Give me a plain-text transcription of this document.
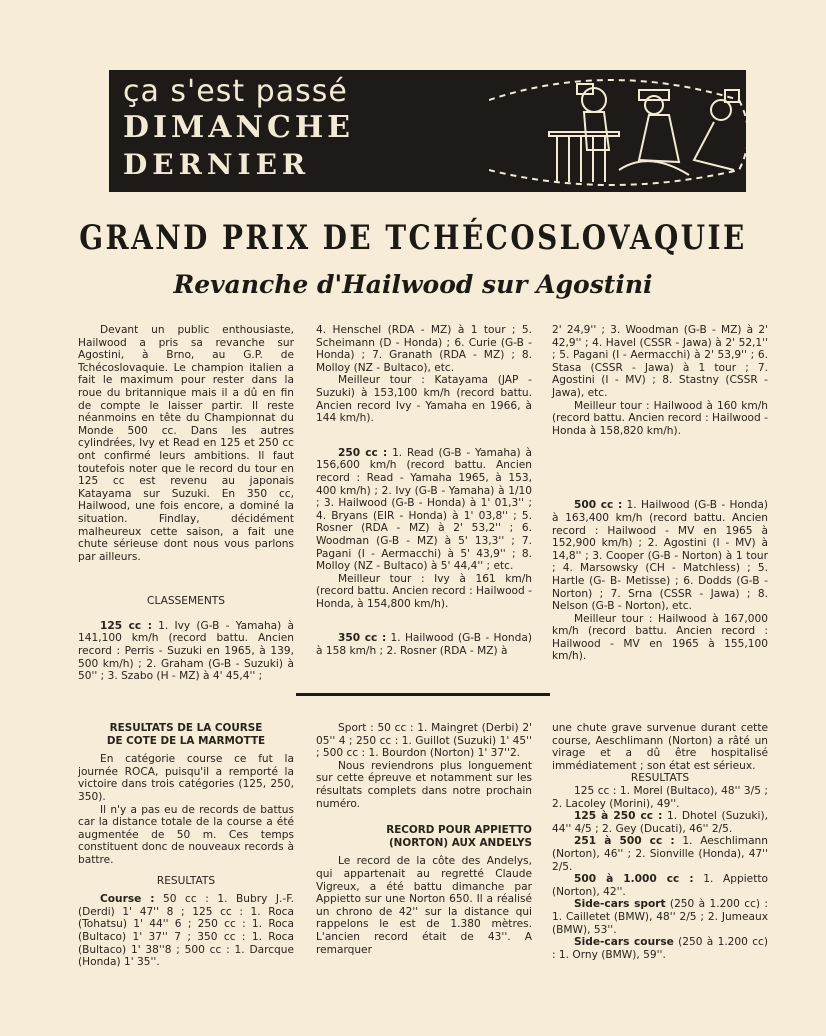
ça s'est passé
DIMANCHE
DERNIER
GRAND PRIX DE TCHÉCOSLOVAQUIE
Revanche d'Hailwood sur Agostini

Devant un public enthousiaste, Hailwood a pris sa revanche sur Agostini, à Brno, au G.P. de Tchécoslovaquie. Le champion italien a fait le maximum pour rester dans la roue du britannique mais il a dû en fin de compte le laisser partir. Il reste néanmoins en tête du Championnat du Monde 500 cc. Dans les autres cylindrées, Ivy et Read en 125 et 250 cc ont confirmé leurs ambitions. Il faut toutefois noter que le record du tour en 125 cc est revenu au japonais Katayama sur Suzuki. En 350 cc, Hailwood, une fois encore, a dominé la situation. Findlay, décidément malheureux cette saison, a fait une chute sérieuse dont nous vous parlons par ailleurs.

CLASSEMENTS

125 cc : 1. Ivy (G-B - Yamaha) à 141,100 km/h (record battu. Ancien record : Perris - Suzuki en 1965, à 139, 500 km/h) ; 2. Graham (G-B - Suzuki) à 50'' ; 3. Szabo (H - MZ) à 4' 45,4'' ;

4. Henschel (RDA - MZ) à 1 tour ; 5. Scheimann (D - Honda) ; 6. Curie (G-B - Honda) ; 7. Granath (RDA - MZ) ; 8. Molloy (NZ - Bultaco), etc.

Meilleur tour : Katayama (JAP - Suzuki) à 153,100 km/h (record battu. Ancien record Ivy - Yamaha en 1966, à 144 km/h).

250 cc : 1. Read (G-B - Yamaha) à 156,600 km/h (record battu. Ancien record : Read - Yamaha 1965, à 153, 400 km/h) ; 2. Ivy (G-B - Yamaha) à 1/10 ; 3. Hailwood (G-B - Honda) à 1' 01,3'' ; 4. Bryans (EIR - Honda) à 1' 03,8'' ; 5. Rosner (RDA - MZ) à 2' 53,2'' ; 6. Woodman (G-B - MZ) à 5' 13,3'' ; 7. Pagani (I - Aermacchi) à 5' 43,9'' ; 8. Molloy (NZ - Bultaco) à 5' 44,4'' ; etc.

Meilleur tour : Ivy à 161 km/h (record battu. Ancien record : Hailwood - Honda, à 154,800 km/h).

350 cc : 1. Hailwood (G-B - Honda) à 158 km/h ; 2. Rosner (RDA - MZ) à

2' 24,9'' ; 3. Woodman (G-B - MZ) à 2' 42,9'' ; 4. Havel (CSSR - Jawa) à 2' 52,1'' ; 5. Pagani (I - Aermacchi) à 2' 53,9'' ; 6. Stasa (CSSR - Jawa) à 1 tour ; 7. Agostini (I - MV) ; 8. Stastny (CSSR - Jawa), etc.

Meilleur tour : Hailwood à 160 km/h (record battu. Ancien record : Hailwood - Honda à 158,820 km/h).

500 cc : 1. Hailwood (G-B - Honda) à 163,400 km/h (record battu. Ancien record : Hailwood - MV en 1965 à 152,900 km/h) ; 2. Agostini (I - MV) à 14,8'' ; 3. Cooper (G-B - Norton) à 1 tour ; 4. Marsowsky (CH - Matchless) ; 5. Hartle (G- B- Metisse) ; 6. Dodds (G-B - Norton) ; 7. Srna (CSSR - Jawa) ; 8. Nelson (G-B - Norton), etc.

Meilleur tour : Hailwood à 167,000 km/h (record battu. Ancien record : Hailwood - MV en 1965 à 155,100 km/h).

RESULTATS DE LA COURSE

DE COTE DE LA MARMOTTE

En catégorie course ce fut la journée ROCA, puisqu'il a remporté la victoire dans trois catégories (125, 250, 350).

Il n'y a pas eu de records de battus car la distance totale de la course a été augmentée de 50 m. Ces temps constituent donc de nouveaux records à battre.

RESULTATS

Course : 50 cc : 1. Bubry J.-F. (Derdi) 1' 47'' 8 ; 125 cc : 1. Roca (Tohatsu) 1' 44'' 6 ; 250 cc : 1. Roca (Bultaco) 1' 37'' 7 ; 350 cc : 1. Roca (Bultaco) 1' 38''8 ; 500 cc : 1. Darcque (Honda) 1' 35''.

Sport : 50 cc : 1. Maingret (Derbi) 2' 05'' 4 ; 250 cc : 1. Guillot (Suzuki) 1' 45'' ; 500 cc : 1. Bourdon (Norton) 1' 37''2.

Nous reviendrons plus longuement sur cette épreuve et notamment sur les résultats complets dans notre prochain numéro.

RECORD POUR APPIETTO

(NORTON) AUX ANDELYS

Le record de la côte des Andelys, qui appartenait au regretté Claude Vigreux, a été battu dimanche par Appietto sur une Norton 650. Il a réalisé un chrono de 42'' sur la distance qui rappelons le est de 1.380 mètres. L'ancien record était de 43''. A remarquer

une chute grave survenue durant cette course, Aeschlimann (Norton) a râté un virage et a dû être hospitalisé immédiatement ; son état est sérieux.

RESULTATS

125 cc : 1. Morel (Bultaco), 48'' 3/5 ; 2. Lacoley (Morini), 49''.

125 à 250 cc : 1. Dhotel (Suzuki), 44'' 4/5 ; 2. Gey (Ducati), 46'' 2/5.

251 à 500 cc : 1. Aeschlimann (Norton), 46'' ; 2. Sionville (Honda), 47'' 2/5.

500 à 1.000 cc : 1. Appietto (Norton), 42''.

Side-cars sport (250 à 1.200 cc) : 1. Cailletet (BMW), 48'' 2/5 ; 2. Jumeaux (BMW), 53''.

Side-cars course (250 à 1.200 cc) : 1. Orny (BMW), 59''.
